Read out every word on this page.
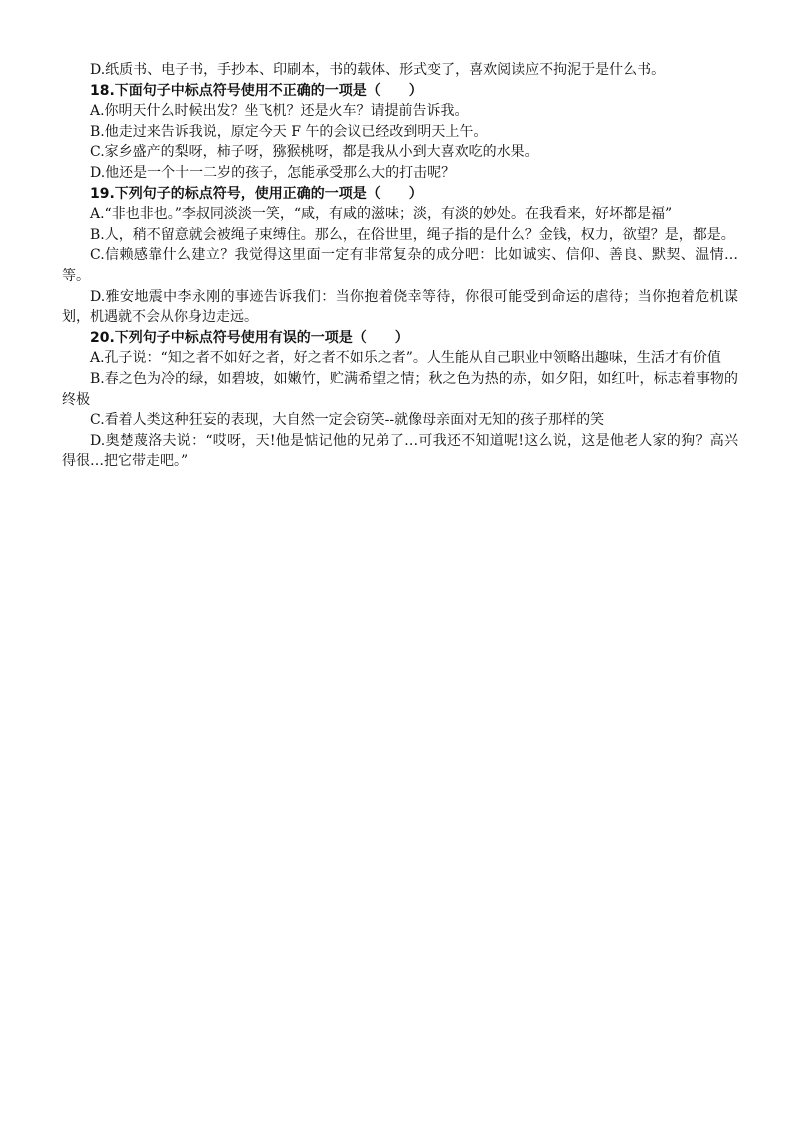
D.纸质书、电子书，手抄本、印刷本，书的载体、形式变了，喜欢阅读应不拘泥于是什么书。

18.下面句子中标点符号使用不正确的一项是（　　）

A.你明天什么时候出发？坐飞机？还是火车？请提前告诉我。

B.他走过来告诉我说，原定今天 F 午的会议已经改到明天上午。

C.家乡盛产的梨呀，柿子呀，猕猴桃呀，都是我从小到大喜欢吃的水果。

D.他还是一个十一二岁的孩子，怎能承受那么大的打击呢？

19.下列句子的标点符号，使用正确的一项是（　　）

A.“非也非也。”李叔同淡淡一笑，“咸，有咸的滋味；淡，有淡的妙处。在我看来，好坏都是福”

B.人，稍不留意就会被绳子束缚住。那么，在俗世里，绳子指的是什么？金钱，权力，欲望？是，都是。

C.信赖感靠什么建立？我觉得这里面一定有非常复杂的成分吧：比如诚实、信仰、善良、默契、温情…等。

D.雅安地震中李永刚的事迹告诉我们：当你抱着侥幸等待，你很可能受到命运的虐待；当你抱着危机谋划，机遇就不会从你身边走远。

20.下列句子中标点符号使用有误的一项是（　　）

A.孔子说：“知之者不如好之者，好之者不如乐之者”。人生能从自己职业中领略出趣味，生活才有价值

B.春之色为冷的绿，如碧坡，如嫩竹，贮满希望之情；秋之色为热的赤，如夕阳，如红叶，标志着事物的终极

C.看着人类这种狂妄的表现，大自然一定会窃笑--就像母亲面对无知的孩子那样的笑

D.奥楚蔑洛夫说：“哎呀，天!他是惦记他的兄弟了…可我还不知道呢!这么说，这是他老人家的狗？高兴得很…把它带走吧。”
